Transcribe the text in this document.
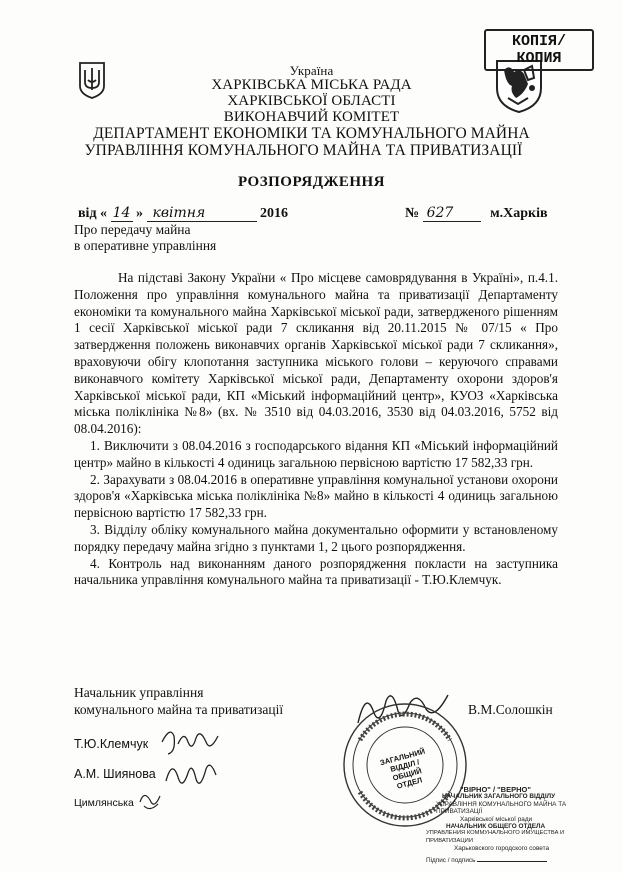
КОПІЯ/ КОПИЯ
Україна
ХАРКІВСЬКА МІСЬКА РАДА
ХАРКІВСЬКОЇ ОБЛАСТІ
ВИКОНАВЧИЙ КОМІТЕТ
ДЕПАРТАМЕНТ ЕКОНОМІКИ ТА КОМУНАЛЬНОГО МАЙНА
УПРАВЛІННЯ КОМУНАЛЬНОГО МАЙНА ТА ПРИВАТИЗАЦІЇ
РОЗПОРЯДЖЕННЯ
від « 14 » квітня	2016	№ 627	м.Харків
Про передачу майна
в оперативне управління

На підставі Закону України « Про місцеве самоврядування в Україні», п.4.1. Положення про управління комунального майна та приватизації Департаменту економіки та комунального майна Харківської міської ради, затвердженого рішенням 1 сесії Харківської міської ради 7 скликання від 20.11.2015 № 07/15 « Про затвердження положень виконавчих органів Харківської міської ради 7 скликання», враховуючи обігу клопотання заступника міського голови – керуючого справами виконавчого комітету Харківської міської ради, Департаменту охорони здоров'я Харківської міської ради, КП «Міський інформаційний центр», КУОЗ «Харківська міська поліклініка №8» (вх. № 3510 від 04.03.2016, 3530 від 04.03.2016, 5752 від 08.04.2016):

1. Виключити з 08.04.2016 з господарського відання КП «Міський інформаційний центр» майно в кількості 4 одиниць загальною первісною вартістю 17 582,33 грн.

2. Зарахувати з 08.04.2016 в оперативне управління комунальної установи охорони здоров'я «Харківська міська поліклініка №8» майно в кількості 4 одиниць загальною первісною вартістю 17 582,33 грн.

3. Відділу обліку комунального майна документально оформити у встановленому порядку передачу майна згідно з пунктами 1, 2 цього розпорядження.

4. Контроль над виконанням даного розпорядження покласти на заступника начальника управління комунального майна та приватизації - Т.Ю.Клемчук.

Начальник управління
комунального майна та приватизації	В.М.Солошкін
Т.Ю.Клемчук
А.М. Шиянова
Цимлянська
ЗАГАЛЬНИЙ ВІДДІЛ / ОБЩИЙ ОТДЕЛ	"ВІРНО" / "ВЕРНО"
НАЧАЛЬНИК ЗАГАЛЬНОГО ВІДДІЛУ
УПРАВЛІННЯ КОМУНАЛЬНОГО МАЙНА ТА ПРИВАТИЗАЦІЇ
Харківської міської ради
НАЧАЛЬНИК ОБЩЕГО ОТДЕЛА
УПРАВЛЕНИЯ КОММУНАЛЬНОГО ИМУЩЕСТВА И ПРИВАТИЗАЦИИ
Харьковского городского совета
Підпис / подпись
